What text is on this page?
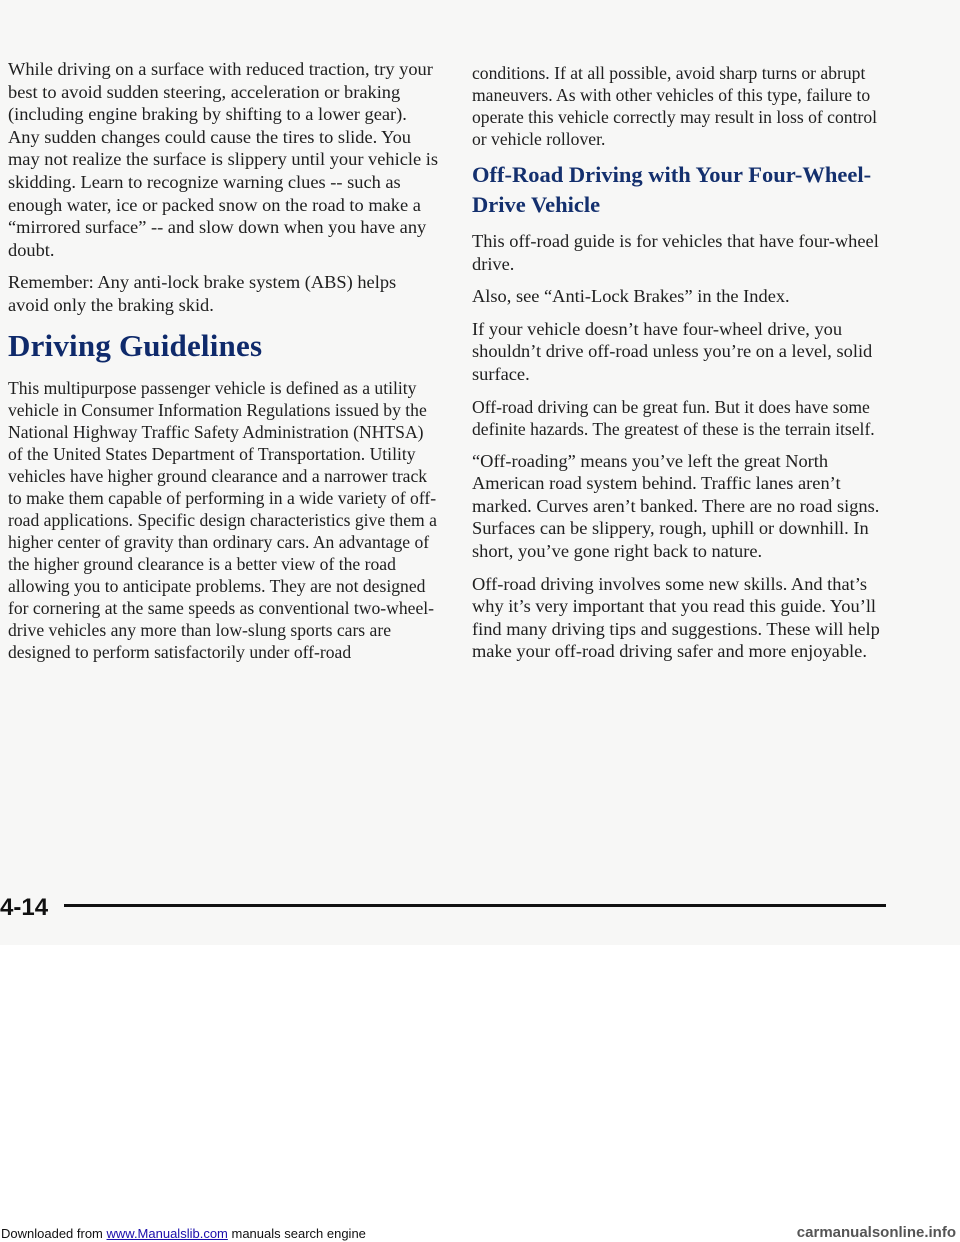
While driving on a surface with reduced traction, try your best to avoid sudden steering, acceleration or braking (including engine braking by shifting to a lower gear). Any sudden changes could cause the tires to slide. You may not realize the surface is slippery until your vehicle is skidding. Learn to recognize warning clues -- such as enough water, ice or packed snow on the road to make a “mirrored surface” -- and slow down when you have any doubt.

Remember: Any anti-lock brake system (ABS) helps avoid only the braking skid.

Driving Guidelines

This multipurpose passenger vehicle is defined as a utility vehicle in Consumer Information Regulations issued by the National Highway Traffic Safety Administration (NHTSA) of the United States Department of Transportation. Utility vehicles have higher ground clearance and a narrower track to make them capable of performing in a wide variety of off-road applications. Specific design characteristics give them a higher center of gravity than ordinary cars. An advantage of the higher ground clearance is a better view of the road allowing you to anticipate problems. They are not designed for cornering at the same speeds as conventional two-wheel-drive vehicles any more than low-slung sports cars are designed to perform satisfactorily under off-road

conditions. If at all possible, avoid sharp turns or abrupt maneuvers. As with other vehicles of this type, failure to operate this vehicle correctly may result in loss of control or vehicle rollover.

Off-Road Driving with Your Four-Wheel-Drive Vehicle

This off-road guide is for vehicles that have four-wheel drive.

Also, see “Anti-Lock Brakes” in the Index.

If your vehicle doesn’t have four-wheel drive, you shouldn’t drive off-road unless you’re on a level, solid surface.

Off-road driving can be great fun. But it does have some definite hazards. The greatest of these is the terrain itself.

“Off-roading” means you’ve left the great North American road system behind. Traffic lanes aren’t marked. Curves aren’t banked. There are no road signs. Surfaces can be slippery, rough, uphill or downhill. In short, you’ve gone right back to nature.

Off-road driving involves some new skills. And that’s why it’s very important that you read this guide. You’ll find many driving tips and suggestions. These will help make your off-road driving safer and more enjoyable.

4-14
Downloaded from www.Manualslib.com manuals search engine	carmanualsonline.info
